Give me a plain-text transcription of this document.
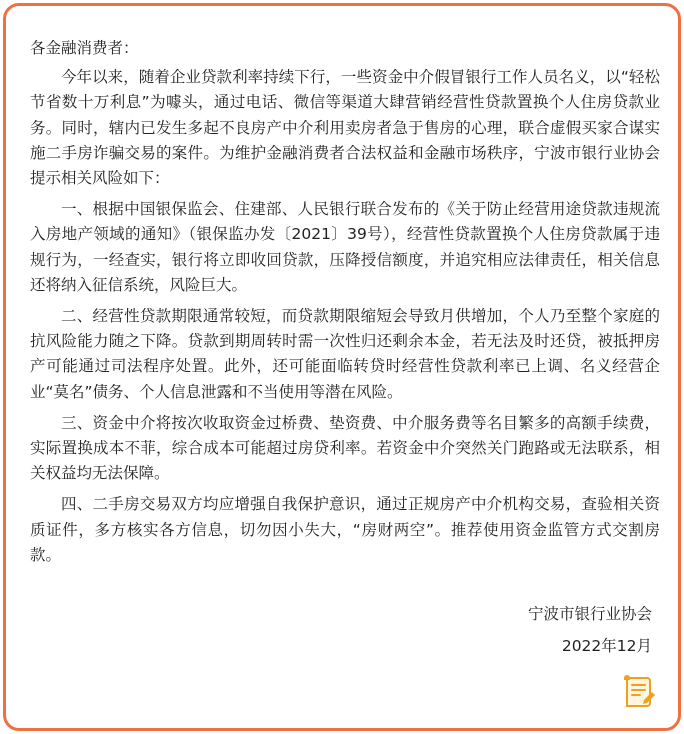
各金融消费者：

今年以来，随着企业贷款利率持续下行，一些资金中介假冒银行工作人员名义，以“轻松节省数十万利息”为噱头，通过电话、微信等渠道大肆营销经营性贷款置换个人住房贷款业务。同时，辖内已发生多起不良房产中介利用卖房者急于售房的心理，联合虚假买家合谋实施二手房诈骗交易的案件。为维护金融消费者合法权益和金融市场秩序，宁波市银行业协会提示相关风险如下：

一、根据中国银保监会、住建部、人民银行联合发布的《关于防止经营用途贷款违规流入房地产领域的通知》（银保监办发〔2021〕39号），经营性贷款置换个人住房贷款属于违规行为，一经查实，银行将立即收回贷款，压降授信额度，并追究相应法律责任，相关信息还将纳入征信系统，风险巨大。

二、经营性贷款期限通常较短，而贷款期限缩短会导致月供增加，个人乃至整个家庭的抗风险能力随之下降。贷款到期周转时需一次性归还剩余本金，若无法及时还贷，被抵押房产可能通过司法程序处置。此外，还可能面临转贷时经营性贷款利率已上调、名义经营企业“莫名”债务、个人信息泄露和不当使用等潜在风险。

三、资金中介将按次收取资金过桥费、垫资费、中介服务费等名目繁多的高额手续费，实际置换成本不菲，综合成本可能超过房贷利率。若资金中介突然关门跑路或无法联系，相关权益均无法保障。

四、二手房交易双方均应增强自我保护意识，通过正规房产中介机构交易，查验相关资质证件，多方核实各方信息，切勿因小失大，“房财两空”。推荐使用资金监管方式交割房款。

宁波市银行业协会
2022年12月
